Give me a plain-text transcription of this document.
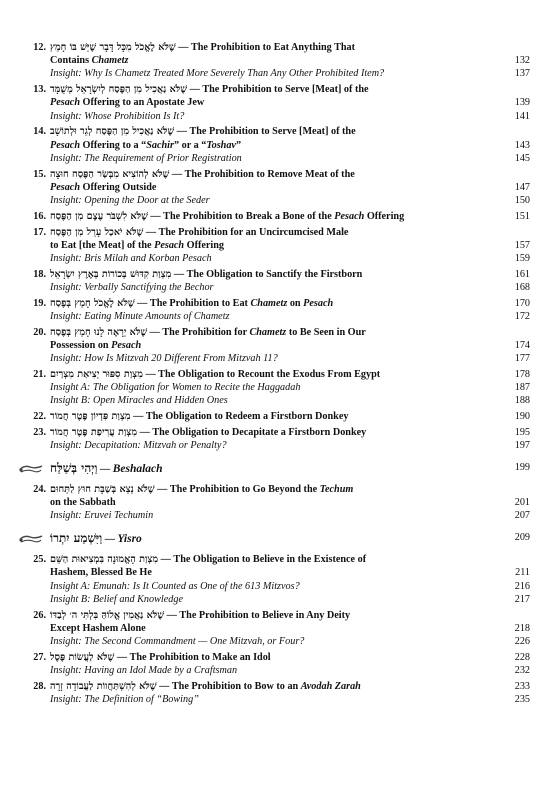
12. שֶׁלֹּא לֶאֱכֹל מִכָּל דָּבָר שֶׁיֵּשׁ בּוֹ חָמֵץ — The Prohibition to Eat Anything That
Contains Chametz	132
Insight: Why Is Chametz Treated More Severely Than Any Other Prohibited Item?	137
13. שֶׁלֹּא נַאֲכִיל מִן הַפֶּסַח לְיִשְׂרָאֵל מְשֻׁמָּד — The Prohibition to Serve [Meat] of the
Pesach Offering to an Apostate Jew	139
Insight: Whose Prohibition Is It?	141
14. שֶׁלֹּא נַאֲכִיל מִן הַפֶּסַח לְגֵר וּלְתוֹשָׁב — The Prohibition to Serve [Meat] of the
Pesach Offering to a “Sachir” or a “Toshav”	143
Insight: The Requirement of Prior Registration	145
15. שֶׁלֹּא לְהוֹצִיא מִבְּשַׂר הַפֶּסַח חוּצָה — The Prohibition to Remove Meat of the
Pesach Offering Outside	147
Insight: Opening the Door at the Seder	150
16. שֶׁלֹּא לִשְׁבֹּר עֶצֶם מִן הַפֶּסַח — The Prohibition to Break a Bone of the Pesach Offering	151
17. שֶׁלֹּא יֹאכַל עָרֵל מִן הַפֶּסַח — The Prohibition for an Uncircumcised Male
to Eat [the Meat] of the Pesach Offering	157
Insight: Bris Milah and Korban Pesach	159
18. מִצְוַת קִדּוּשׁ בְּכוֹרוֹת בְּאֶרֶץ יִשְׂרָאֵל — The Obligation to Sanctify the Firstborn	161
Insight: Verbally Sanctifying the Bechor	168
19. שֶׁלֹּא לֶאֱכֹל חָמֵץ בְּפֶסַח — The Prohibition to Eat Chametz on Pesach	170
Insight: Eating Minute Amounts of Chametz	172
20. שֶׁלֹּא יֵרָאֶה לָנוּ חָמֵץ בְּפֶסַח — The Prohibition for Chametz to Be Seen in Our
Possession on Pesach	174
Insight: How Is Mitzvah 20 Different From Mitzvah 11?	177
21. מִצְוַת סִפּוּר יְצִיאַת מִצְרַיִם — The Obligation to Recount the Exodus From Egypt	178
Insight A: The Obligation for Women to Recite the Haggadah	187
Insight B: Open Miracles and Hidden Ones	188
22. מִצְוַת פִּדְיוֹן פֶּטֶר חֲמוֹר — The Obligation to Redeem a Firstborn Donkey	190
23. מִצְוַת עֲרִיפַת פֶּטֶר חֲמוֹר — The Obligation to Decapitate a Firstborn Donkey	195
Insight: Decapitation: Mitzvah or Penalty?	197
וַיְהִי בְּשַׁלַּח — Beshalach	199
24. שֶׁלֹּא נֵצֵא בְּשַׁבָּת חוּץ לַתְּחוּם — The Prohibition to Go Beyond the Techum
on the Sabbath	201
Insight: Eruvei Techumin	207
וַיִּשְׁמַע יִתְרוֹ — Yisro	209
25. מִצְוַת הָאֱמוּנָה בִּמְצִיאוּת הַשֵּׁם — The Obligation to Believe in the Existence of
Hashem, Blessed Be He	211
Insight A: Emunah: Is It Counted as One of the 613 Mitzvos?	216
Insight B: Belief and Knowledge	217
26. שֶׁלֹּא נַאֲמִין אֱלוֹהַּ בִּלְתִּי ה׳ לְבַדּוֹ — The Prohibition to Believe in Any Deity
Except Hashem Alone	218
Insight: The Second Commandment — One Mitzvah, or Four?	226
27. שֶׁלֹּא לַעֲשׂוֹת פֶּסֶל — The Prohibition to Make an Idol	228
Insight: Having an Idol Made by a Craftsman	232
28. שֶׁלֹּא לְהִשְׁתַּחֲווֹת לַעֲבוֹדָה זָרָה — The Prohibition to Bow to an Avodah Zarah	233
Insight: The Definition of “Bowing”	235
